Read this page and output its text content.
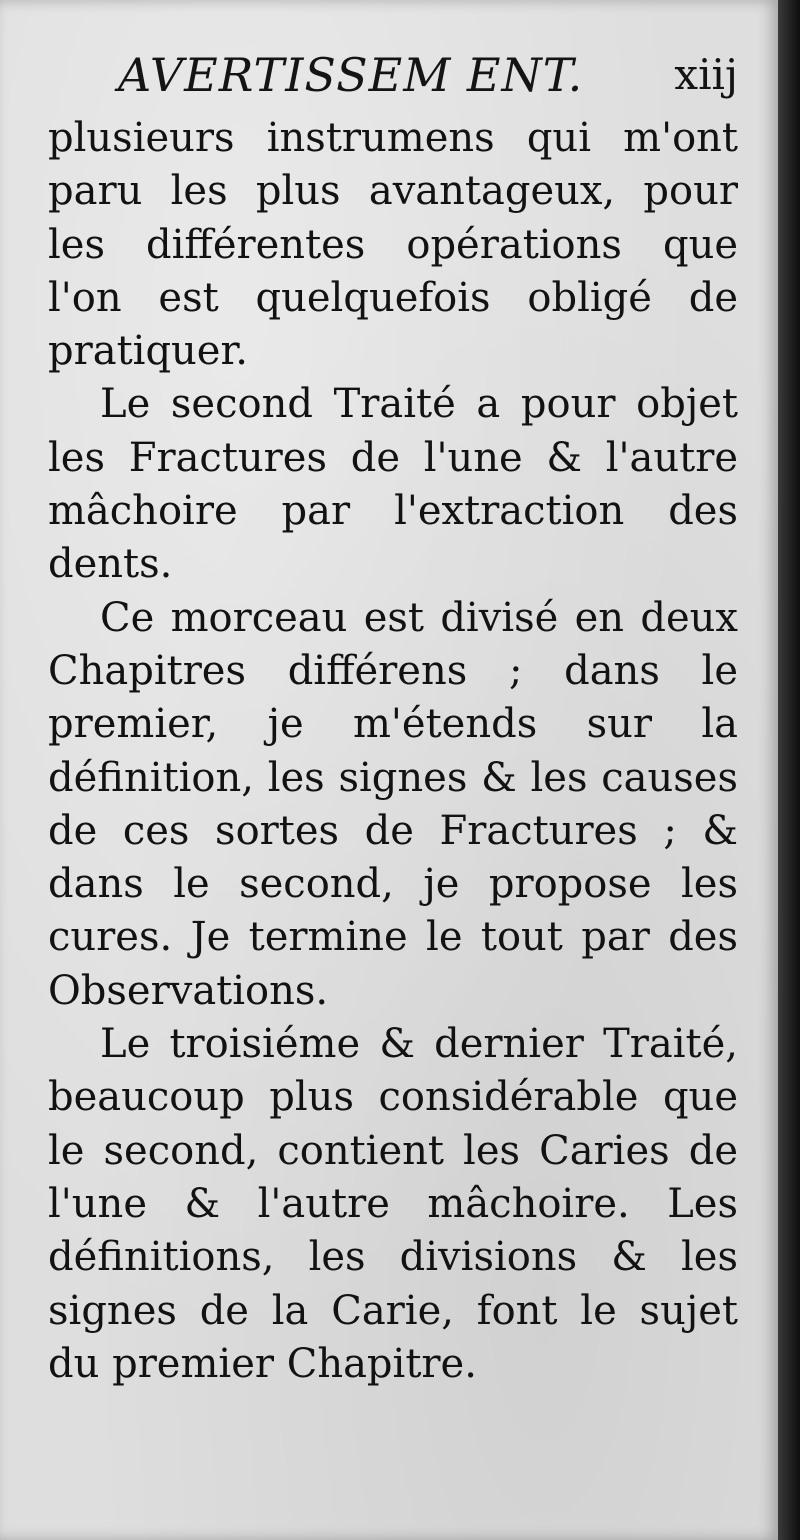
AVERTISSEM ENT. xiij

plusieurs instrumens qui m'ont paru les plus avantageux, pour les différentes opérations que l'on est quelquefois obligé de pratiquer.

Le second Traité a pour objet les Fractures de l'une & l'autre mâchoire par l'extraction des dents.

Ce morceau est divisé en deux Chapitres différens ; dans le premier, je m'étends sur la définition, les signes & les causes de ces sortes de Fractures ; & dans le second, je propose les cures. Je termine le tout par des Observations.

Le troisiéme & dernier Traité, beaucoup plus considérable que le second, contient les Caries de l'une & l'autre mâchoire. Les définitions, les divisions & les signes de la Carie, font le sujet du premier Chapitre.
